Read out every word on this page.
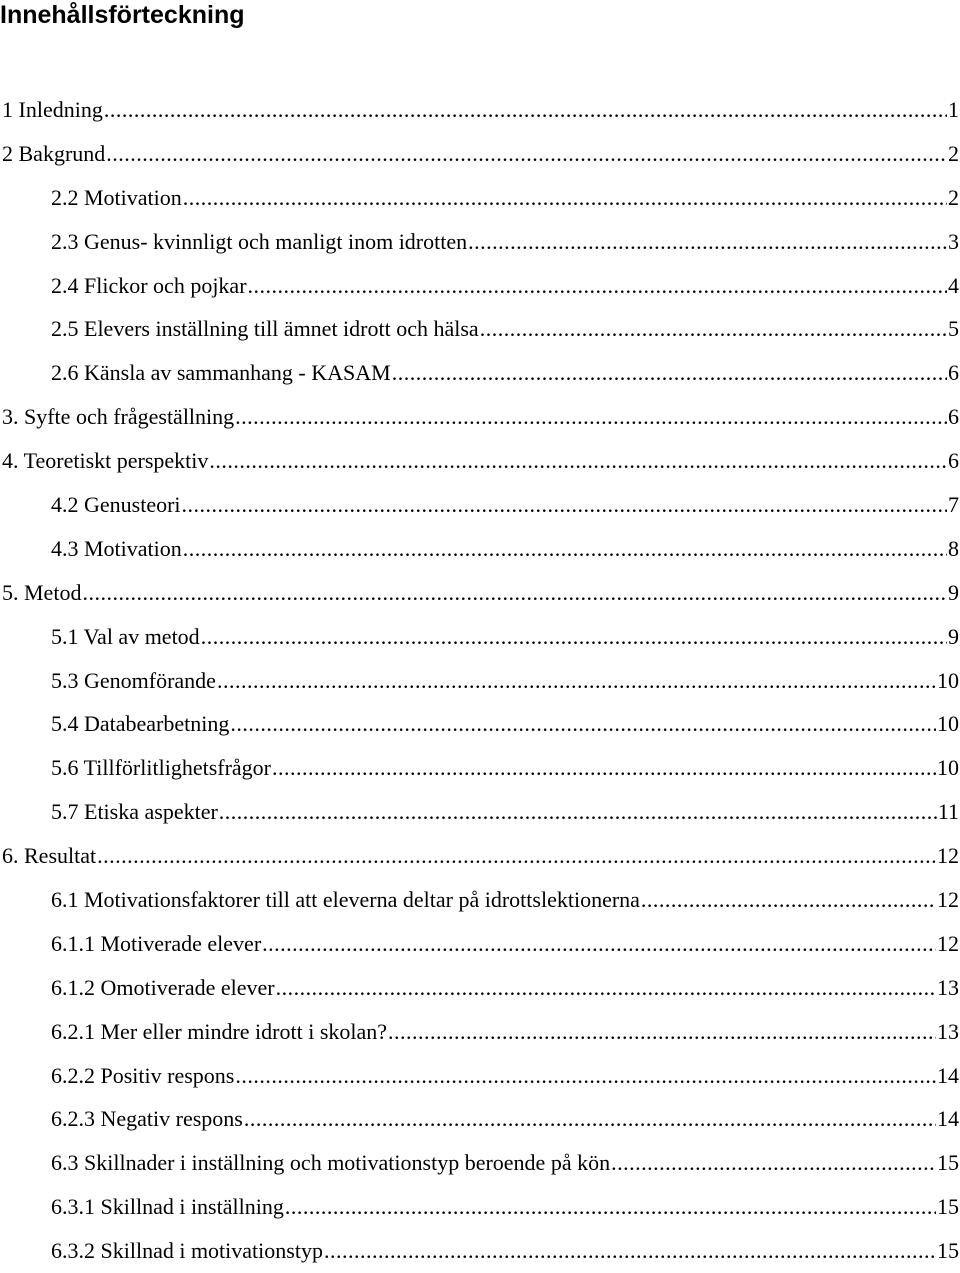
Innehållsförteckning
1 Inledning . . .	1
2 Bakgrund . . .	2
2.2 Motivation . . .	2
2.3 Genus- kvinnligt och manligt inom idrotten . . .	3
2.4 Flickor och pojkar . . .	4
2.5 Elevers inställning till ämnet idrott och hälsa . . .	5
2.6 Känsla av sammanhang - KASAM . . .	6
3. Syfte och frågeställning . . .	6
4. Teoretiskt perspektiv . . .	6
4.2 Genusteori . . .	7
4.3 Motivation . . .	8
5. Metod . . .	9
5.1 Val av metod . . .	9
5.3 Genomförande . . .	10
5.4 Databearbetning . . .	10
5.6 Tillförlitlighetsfrågor . . .	10
5.7 Etiska aspekter . . .	11
6. Resultat . . .	12
6.1 Motivationsfaktorer till att eleverna deltar på idrottslektionerna . . .	12
6.1.1 Motiverade elever . . .	12
6.1.2 Omotiverade elever . . .	13
6.2.1 Mer eller mindre idrott i skolan? . . .	13
6.2.2 Positiv respons . . .	14
6.2.3 Negativ respons . . .	14
6.3 Skillnader i inställning och motivationstyp beroende på kön . . .	15
6.3.1 Skillnad i inställning . . .	15
6.3.2 Skillnad i motivationstyp . . .	15
